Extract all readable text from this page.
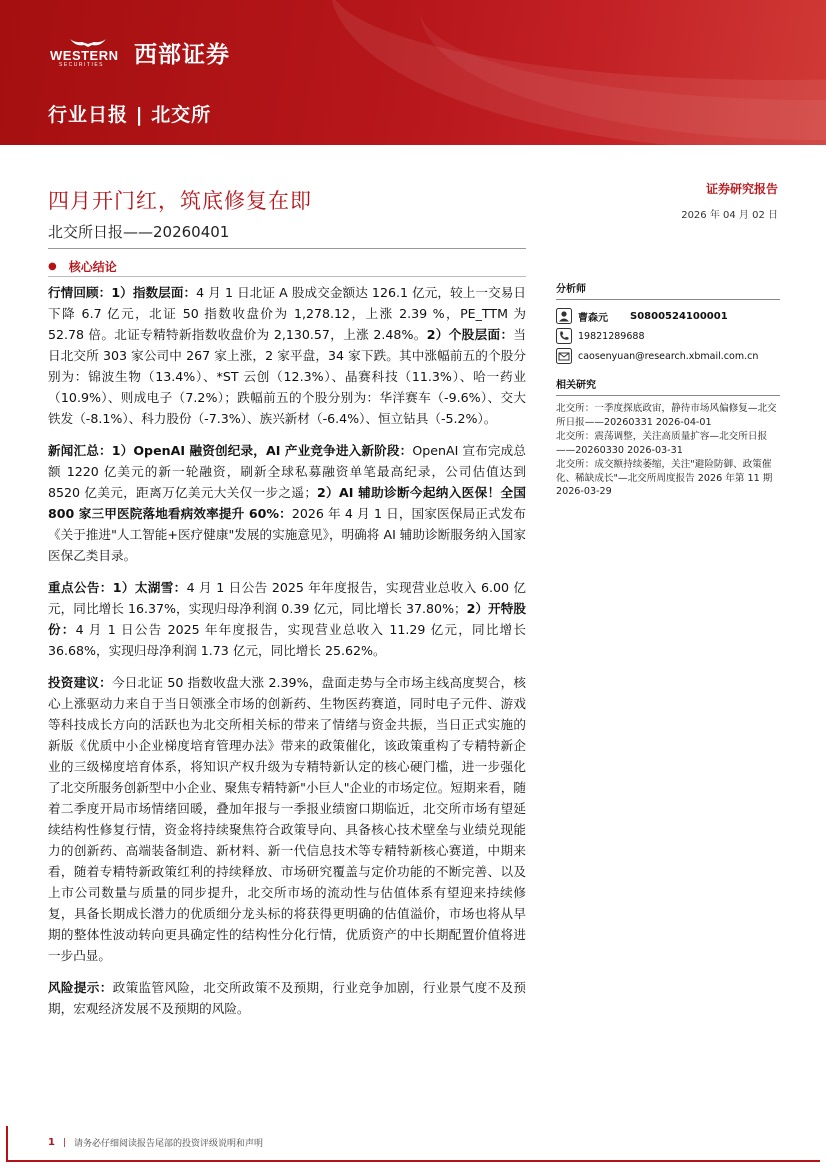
WESTERN
SECURITIES 西部证券
行业日报 | 北交所
四月开门红，筑底修复在即	证券研究报告
2026 年 04 月 02 日
北交所日报——20260401
● 核心结论

行情回顾：1）指数层面：4 月 1 日北证 A 股成交金额达 126.1 亿元，较上一交易日下降 6.7 亿元，北证 50 指数收盘价为 1,278.12，上涨 2.39 %，PE_TTM 为 52.78 倍。北证专精特新指数收盘价为 2,130.57，上涨 2.48%。2）个股层面：当日北交所 303 家公司中 267 家上涨，2 家平盘，34 家下跌。其中涨幅前五的个股分别为：锦波生物（13.4%）、*ST 云创（12.3%）、晶赛科技（11.3%）、哈一药业（10.9%）、则成电子（7.2%）；跌幅前五的个股分别为：华洋赛车（-9.6%）、交大铁发（-8.1%）、科力股份（-7.3%）、族兴新材（-6.4%）、恒立钻具（-5.2%）。

新闻汇总：1）OpenAI 融资创纪录，AI 产业竞争进入新阶段：OpenAI 宣布完成总额 1220 亿美元的新一轮融资，刷新全球私募融资单笔最高纪录，公司估值达到 8520 亿美元，距离万亿美元大关仅一步之遥；2）AI 辅助诊断今起纳入医保！全国 800 家三甲医院落地看病效率提升 60%：2026 年 4 月 1 日，国家医保局正式发布《关于推进"人工智能+医疗健康"发展的实施意见》，明确将 AI 辅助诊断服务纳入国家医保乙类目录。

重点公告：1）太湖雪：4 月 1 日公告 2025 年年度报告，实现营业总收入 6.00 亿元，同比增长 16.37%，实现归母净利润 0.39 亿元，同比增长 37.80%；2）开特股份：4 月 1 日公告 2025 年年度报告，实现营业总收入 11.29 亿元，同比增长 36.68%，实现归母净利润 1.73 亿元，同比增长 25.62%。

投资建议：今日北证 50 指数收盘大涨 2.39%，盘面走势与全市场主线高度契合，核心上涨驱动力来自于当日领涨全市场的创新药、生物医药赛道，同时电子元件、游戏等科技成长方向的活跃也为北交所相关标的带来了情绪与资金共振，当日正式实施的新版《优质中小企业梯度培育管理办法》带来的政策催化，该政策重构了专精特新企业的三级梯度培育体系，将知识产权升级为专精特新认定的核心硬门槛，进一步强化了北交所服务创新型中小企业、聚焦专精特新"小巨人"企业的市场定位。短期来看，随着二季度开局市场情绪回暖，叠加年报与一季报业绩窗口期临近，北交所市场有望延续结构性修复行情，资金将持续聚焦符合政策导向、具备核心技术壁垒与业绩兑现能力的创新药、高端装备制造、新材料、新一代信息技术等专精特新核心赛道，中期来看，随着专精特新政策红利的持续释放、市场研究覆盖与定价功能的不断完善、以及上市公司数量与质量的同步提升，北交所市场的流动性与估值体系有望迎来持续修复，具备长期成长潜力的优质细分龙头标的将获得更明确的估值溢价，市场也将从早期的整体性波动转向更具确定性的结构性分化行情，优质资产的中长期配置价值将进一步凸显。

风险提示：政策监管风险，北交所政策不及预期，行业竞争加剧，行业景气度不及预期，宏观经济发展不及预期的风险。

分析师
曹森元 S0800524100001
19821289688
caosenyuan@research.xbmail.com.cn
相关研究
北交所：一季度探底政宙，静待市场风偏修复—北交所日报——20260331 2026-04-01
北交所：震荡调整，关注高质量扩容—北交所日报——20260330 2026-03-31
北交所：成交额持续萎缩，关注"避险防御、政策催化、稀缺成长"—北交所周度报告 2026 年第 11 期 2026-03-29
1 | 请务必仔细阅读报告尾部的投资评级说明和声明
